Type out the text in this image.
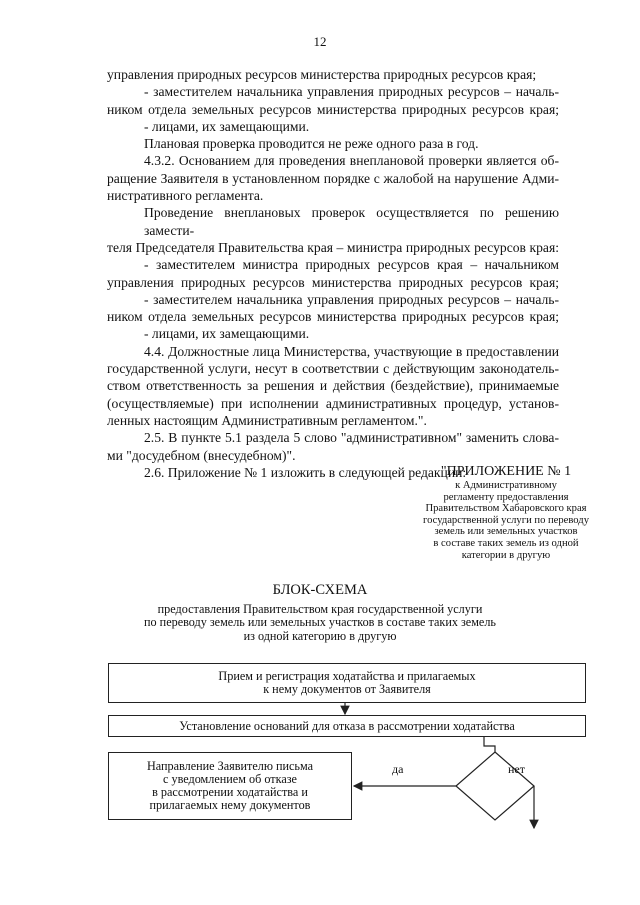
12
управления природных ресурсов министерства природных ресурсов края;
- заместителем начальника управления природных ресурсов – началь-
ником отдела земельных ресурсов министерства природных ресурсов края;
- лицами, их замещающими.
Плановая проверка проводится не реже одного раза в год.
4.3.2. Основанием для проведения внеплановой проверки является об-
ращение Заявителя в установленном порядке с жалобой на нарушение Адми-
нистративного регламента.
Проведение внеплановых проверок осуществляется по решению замести-
теля Председателя Правительства края – министра природных ресурсов края:
- заместителем министра природных ресурсов края – начальником
управления природных ресурсов министерства природных ресурсов края;
- заместителем начальника управления природных ресурсов – началь-
ником отдела земельных ресурсов министерства природных ресурсов края;
- лицами, их замещающими.
4.4. Должностные лица Министерства, участвующие в предоставлении
государственной услуги, несут в соответствии с действующим законодатель-
ством ответственность за решения и действия (бездействие), принимаемые
(осуществляемые) при исполнении административных процедур, установ-
ленных настоящим Административным регламентом.".
2.5. В пункте 5.1 раздела 5 слово "административном" заменить слова-
ми "досудебном (внесудебном)".
2.6. Приложение № 1 изложить в следующей редакции:
"ПРИЛОЖЕНИЕ № 1
к Административному
регламенту предоставления
Правительством Хабаровского края
государственной услуги по переводу
земель или земельных участков
в составе таких земель из одной
категории в другую
БЛОК-СХЕМА
предоставления Правительством края государственной услуги
по переводу земель или земельных участков в составе таких земель
из одной категорию в другую
Прием и регистрация ходатайства и прилагаемых
к нему документов от Заявителя
Установление оснований для отказа в рассмотрении ходатайства
Направление Заявителю письма
с уведомлением об отказе
в рассмотрении ходатайства и
прилагаемых нему документов
да	нет
